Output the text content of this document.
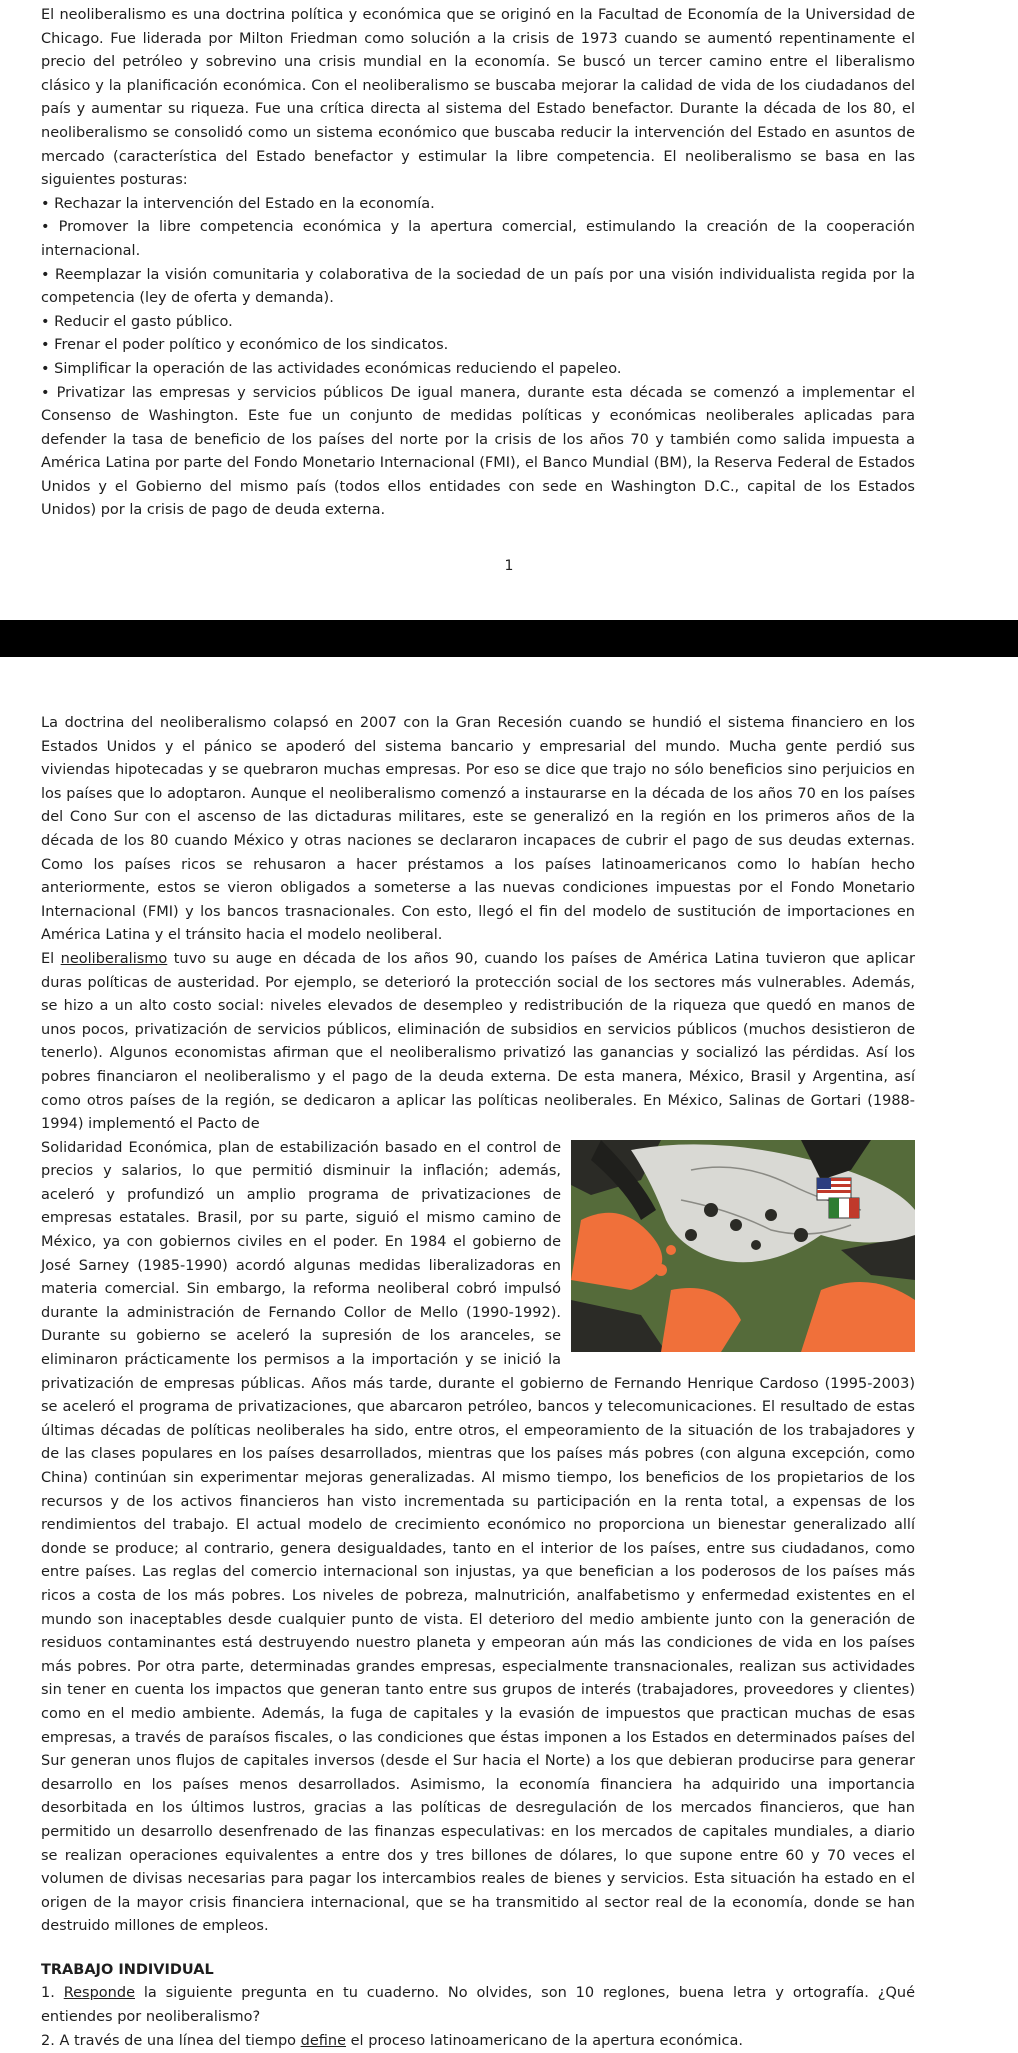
El neoliberalismo es una doctrina política y económica que se originó en la Facultad de Economía de la Universidad de Chicago. Fue liderada por Milton Friedman como solución a la crisis de 1973 cuando se aumentó repentinamente el precio del petróleo y sobrevino una crisis mundial en la economía. Se buscó un tercer camino entre el liberalismo clásico y la planificación económica. Con el neoliberalismo se buscaba mejorar la calidad de vida de los ciudadanos del país y aumentar su riqueza. Fue una crítica directa al sistema del Estado benefactor. Durante la década de los 80, el neoliberalismo se consolidó como un sistema económico que buscaba reducir la intervención del Estado en asuntos de mercado (característica del Estado benefactor y estimular la libre competencia. El neoliberalismo se basa en las siguientes posturas:

• Rechazar la intervención del Estado en la economía.

• Promover la libre competencia económica y la apertura comercial, estimulando la creación de la cooperación internacional.

• Reemplazar la visión comunitaria y colaborativa de la sociedad de un país por una visión individualista regida por la competencia (ley de oferta y demanda).

• Reducir el gasto público.

• Frenar el poder político y económico de los sindicatos.

• Simplificar la operación de las actividades económicas reduciendo el papeleo.

• Privatizar las empresas y servicios públicos De igual manera, durante esta década se comenzó a implementar el Consenso de Washington. Este fue un conjunto de medidas políticas y económicas neoliberales aplicadas para defender la tasa de beneficio de los países del norte por la crisis de los años 70 y también como salida impuesta a América Latina por parte del Fondo Monetario Internacional (FMI), el Banco Mundial (BM), la Reserva Federal de Estados Unidos y el Gobierno del mismo país (todos ellos entidades con sede en Washington D.C., capital de los Estados Unidos) por la crisis de pago de deuda externa.

1

La doctrina del neoliberalismo colapsó en 2007 con la Gran Recesión cuando se hundió el sistema financiero en los Estados Unidos y el pánico se apoderó del sistema bancario y empresarial del mundo. Mucha gente perdió sus viviendas hipotecadas y se quebraron muchas empresas. Por eso se dice que trajo no sólo beneficios sino perjuicios en los países que lo adoptaron. Aunque el neoliberalismo comenzó a instaurarse en la década de los años 70 en los países del Cono Sur con el ascenso de las dictaduras militares, este se generalizó en la región en los primeros años de la década de los 80 cuando México y otras naciones se declararon incapaces de cubrir el pago de sus deudas externas. Como los países ricos se rehusaron a hacer préstamos a los países latinoamericanos como lo habían hecho anteriormente, estos se vieron obligados a someterse a las nuevas condiciones impuestas por el Fondo Monetario Internacional (FMI) y los bancos trasnacionales. Con esto, llegó el fin del modelo de sustitución de importaciones en América Latina y el tránsito hacia el modelo neoliberal.

El neoliberalismo tuvo su auge en década de los años 90, cuando los países de América Latina tuvieron que aplicar duras políticas de austeridad. Por ejemplo, se deterioró la protección social de los sectores más vulnerables. Además, se hizo a un alto costo social: niveles elevados de desempleo y redistribución de la riqueza que quedó en manos de unos pocos, privatización de servicios públicos, eliminación de subsidios en servicios públicos (muchos desistieron de tenerlo). Algunos economistas afirman que el neoliberalismo privatizó las ganancias y socializó las pérdidas. Así los pobres financiaron el neoliberalismo y el pago de la deuda externa. De esta manera, México, Brasil y Argentina, así como otros países de la región, se dedicaron a aplicar las políticas neoliberales. En México, Salinas de Gortari (1988-1994) implementó el Pacto de

Solidaridad Económica, plan de estabilización basado en el control de precios y salarios, lo que permitió disminuir la inflación; además, aceleró y profundizó un amplio programa de privatizaciones de empresas estatales. Brasil, por su parte, siguió el mismo camino de México, ya con gobiernos civiles en el poder. En 1984 el gobierno de José Sarney (1985-1990) acordó algunas medidas liberalizadoras en materia comercial. Sin embargo, la reforma neoliberal cobró impulsó durante la administración de Fernando Collor de Mello (1990-1992). Durante su gobierno se aceleró la supresión de los aranceles, se eliminaron prácticamente los permisos a la importación y se inició la privatización de empresas públicas. Años más tarde, durante el gobierno de Fernando Henrique Cardoso (1995-2003) se aceleró el programa de privatizaciones, que abarcaron petróleo, bancos y telecomunicaciones. El resultado de estas últimas décadas de políticas neoliberales ha sido, entre otros, el empeoramiento de la situación de los trabajadores y de las clases populares en los países desarrollados, mientras que los países más pobres (con alguna excepción, como China) continúan sin experimentar mejoras generalizadas. Al mismo tiempo, los beneficios de los propietarios de los recursos y de los activos financieros han visto incrementada su participación en la renta total, a expensas de los rendimientos del trabajo. El actual modelo de crecimiento económico no proporciona un bienestar generalizado allí donde se produce; al contrario, genera desigualdades, tanto en el interior de los países, entre sus ciudadanos, como entre países. Las reglas del comercio internacional son injustas, ya que benefician a los poderosos de los países más ricos a costa de los más pobres. Los niveles de pobreza, malnutrición, analfabetismo y enfermedad existentes en el mundo son inaceptables desde cualquier punto de vista. El deterioro del medio ambiente junto con la generación de residuos contaminantes está destruyendo nuestro planeta y empeoran aún más las condiciones de vida en los países más pobres. Por otra parte, determinadas grandes empresas, especialmente transnacionales, realizan sus actividades sin tener en cuenta los impactos que generan tanto entre sus grupos de interés (trabajadores, proveedores y clientes) como en el medio ambiente. Además, la fuga de capitales y la evasión de impuestos que practican muchas de esas empresas, a través de paraísos fiscales, o las condiciones que éstas imponen a los Estados en determinados países del Sur generan unos flujos de capitales inversos (desde el Sur hacia el Norte) a los que debieran producirse para generar desarrollo en los países menos desarrollados. Asimismo, la economía financiera ha adquirido una importancia desorbitada en los últimos lustros, gracias a las políticas de desregulación de los mercados financieros, que han permitido un desarrollo desenfrenado de las finanzas especulativas: en los mercados de capitales mundiales, a diario se realizan operaciones equivalentes a entre dos y tres billones de dólares, lo que supone entre 60 y 70 veces el volumen de divisas necesarias para pagar los intercambios reales de bienes y servicios. Esta situación ha estado en el origen de la mayor crisis financiera internacional, que se ha transmitido al sector real de la economía, donde se han destruido millones de empleos.

TRABAJO INDIVIDUAL

1. Responde la siguiente pregunta en tu cuaderno. No olvides, son 10 reglones, buena letra y ortografía. ¿Qué entiendes por neoliberalismo?

2. A través de una línea del tiempo define el proceso latinoamericano de la apertura económica.
